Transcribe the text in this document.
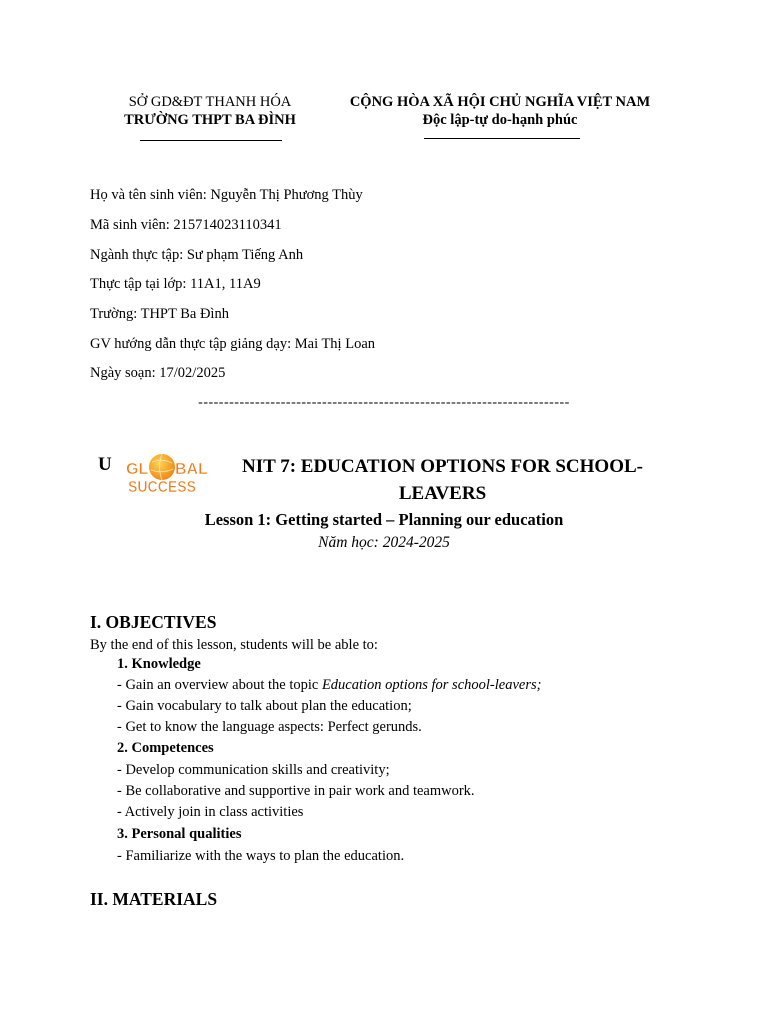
SỞ GD&ĐT THANH HÓA
TRƯỜNG THPT BA ĐÌNH
CỘNG HÒA XÃ HỘI CHỦ NGHĨA VIỆT NAM
Độc lập-tự do-hạnh phúc
Họ và tên sinh viên: Nguyễn Thị Phương Thùy
Mã sinh viên: 215714023110341
Ngành thực tập: Sư phạm Tiếng Anh
Thực tập tại lớp: 11A1, 11A9
Trường: THPT Ba Đình
GV hướng dẫn thực tập giảng dạy: Mai Thị Loan
Ngày soạn: 17/02/2025
------------------------------------------------------------------------
U GL BAL
SUCCESS
NIT 7: EDUCATION OPTIONS FOR SCHOOL-LEAVERS
Lesson 1: Getting started – Planning our education
Năm học: 2024-2025
I. OBJECTIVES
By the end of this lesson, students will be able to:
1. Knowledge
- Gain an overview about the topic Education options for school-leavers;
- Gain vocabulary to talk about plan the education;
- Get to know the language aspects: Perfect gerunds.
2. Competences
- Develop communication skills and creativity;
- Be collaborative and supportive in pair work and teamwork.
- Actively join in class activities
3. Personal qualities
- Familiarize with the ways to plan the education.
II. MATERIALS
